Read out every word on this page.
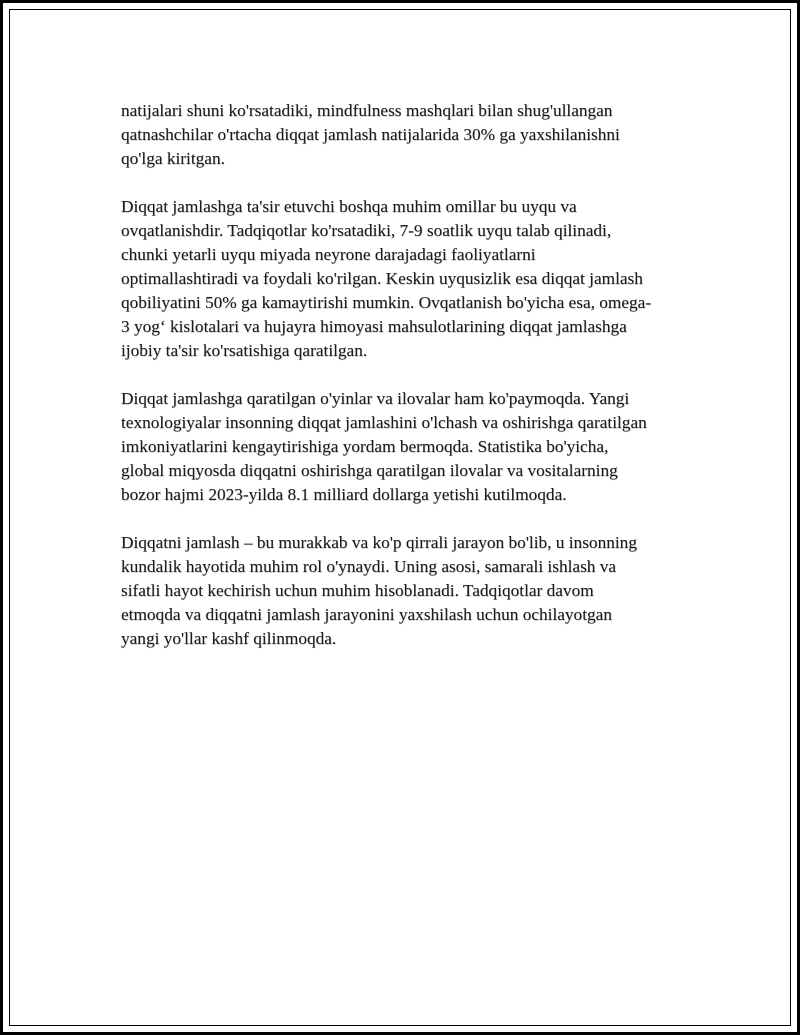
natijalari shuni ko'rsatadiki, mindfulness mashqlari bilan shug'ullangan
qatnashchilar o'rtacha diqqat jamlash natijalarida 30% ga yaxshilanishni
qo'lga kiritgan.

Diqqat jamlashga ta'sir etuvchi boshqa muhim omillar bu uyqu va
ovqatlanishdir. Tadqiqotlar ko'rsatadiki, 7-9 soatlik uyqu talab qilinadi,
chunki yetarli uyqu miyada neyrone darajadagi faoliyatlarni
optimallashtiradi va foydali ko'rilgan. Keskin uyqusizlik esa diqqat jamlash
qobiliyatini 50% ga kamaytirishi mumkin. Ovqatlanish bo'yicha esa, omega-
3 yog‘ kislotalari va hujayra himoyasi mahsulotlarining diqqat jamlashga
ijobiy ta'sir ko'rsatishiga qaratilgan.

Diqqat jamlashga qaratilgan o'yinlar va ilovalar ham ko'paymoqda. Yangi
texnologiyalar insonning diqqat jamlashini o'lchash va oshirishga qaratilgan
imkoniyatlarini kengaytirishiga yordam bermoqda. Statistika bo'yicha,
global miqyosda diqqatni oshirishga qaratilgan ilovalar va vositalarning
bozor hajmi 2023-yilda 8.1 milliard dollarga yetishi kutilmoqda.

Diqqatni jamlash – bu murakkab va ko'p qirrali jarayon bo'lib, u insonning
kundalik hayotida muhim rol o'ynaydi. Uning asosi, samarali ishlash va
sifatli hayot kechirish uchun muhim hisoblanadi. Tadqiqotlar davom
etmoqda va diqqatni jamlash jarayonini yaxshilash uchun ochilayotgan
yangi yo'llar kashf qilinmoqda.
